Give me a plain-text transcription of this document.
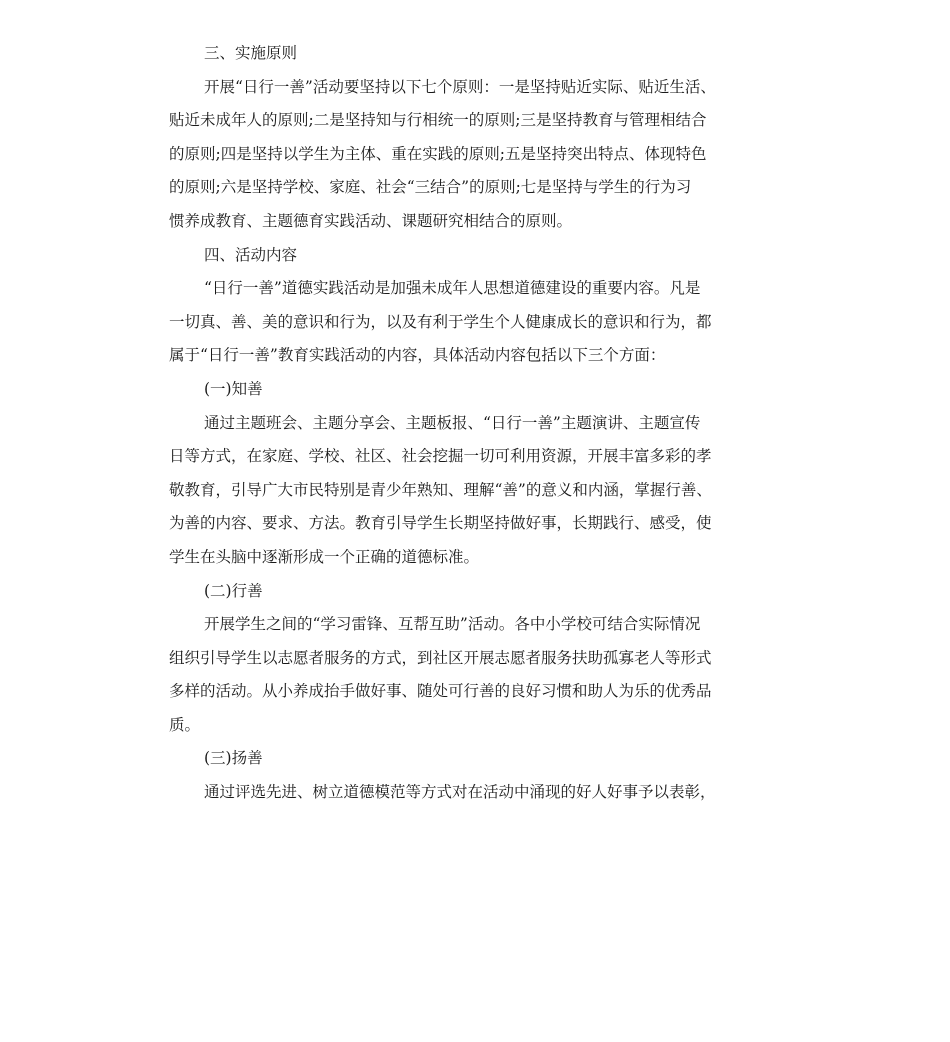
三、实施原则
开展“日行一善”活动要坚持以下七个原则：一是坚持贴近实际、贴近生活、
贴近未成年人的原则;二是坚持知与行相统一的原则;三是坚持教育与管理相结合
的原则;四是坚持以学生为主体、重在实践的原则;五是坚持突出特点、体现特色
的原则;六是坚持学校、家庭、社会“三结合”的原则;七是坚持与学生的行为习
惯养成教育、主题德育实践活动、课题研究相结合的原则。
四、活动内容
“日行一善”道德实践活动是加强未成年人思想道德建设的重要内容。凡是
一切真、善、美的意识和行为，以及有利于学生个人健康成长的意识和行为，都
属于“日行一善”教育实践活动的内容，具体活动内容包括以下三个方面：
(一)知善
通过主题班会、主题分享会、主题板报、“日行一善”主题演讲、主题宣传
日等方式，在家庭、学校、社区、社会挖掘一切可利用资源，开展丰富多彩的孝
敬教育，引导广大市民特别是青少年熟知、理解“善”的意义和内涵，掌握行善、
为善的内容、要求、方法。教育引导学生长期坚持做好事，长期践行、感受，使
学生在头脑中逐渐形成一个正确的道德标准。
(二)行善
开展学生之间的“学习雷锋、互帮互助”活动。各中小学校可结合实际情况
组织引导学生以志愿者服务的方式，到社区开展志愿者服务扶助孤寡老人等形式
多样的活动。从小养成抬手做好事、随处可行善的良好习惯和助人为乐的优秀品
质。
(三)扬善
通过评选先进、树立道德模范等方式对在活动中涌现的好人好事予以表彰，
